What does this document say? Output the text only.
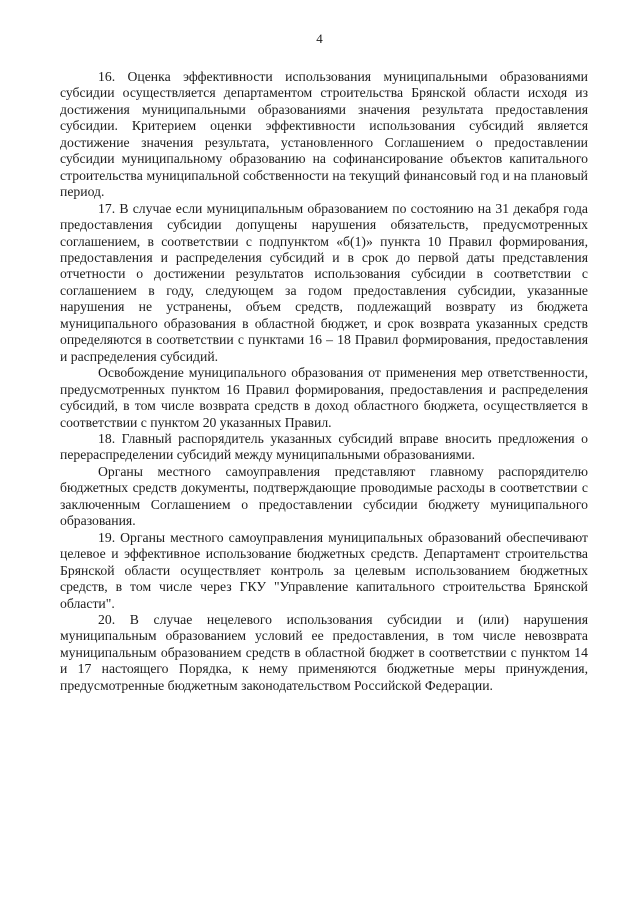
4

16. Оценка эффективности использования муниципальными образованиями субсидии осуществляется департаментом строительства Брянской области исходя из достижения муниципальными образованиями значения результата предоставления субсидии. Критерием оценки эффективности использования субсидий является достижение значения результата, установленного Соглашением о предоставлении субсидии муниципальному образованию на софинансирование объектов капитального строительства муниципальной собственности на текущий финансовый год и на плановый период.

17. В случае если муниципальным образованием по состоянию на 31 декабря года предоставления субсидии допущены нарушения обязательств, предусмотренных соглашением, в соответствии с подпунктом «б(1)» пункта 10 Правил формирования, предоставления и распределения субсидий и в срок до первой даты представления отчетности о достижении результатов использования субсидии в соответствии с соглашением в году, следующем за годом предоставления субсидии, указанные нарушения не устранены, объем средств, подлежащий возврату из бюджета муниципального образования в областной бюджет, и срок возврата указанных средств определяются в соответствии с пунктами 16 – 18 Правил формирования, предоставления и распределения субсидий.

Освобождение муниципального образования от применения мер ответственности, предусмотренных пунктом 16 Правил формирования, предоставления и распределения субсидий, в том числе возврата средств в доход областного бюджета, осуществляется в соответствии с пунктом 20 указанных Правил.

18. Главный распорядитель указанных субсидий вправе вносить предложения о перераспределении субсидий между муниципальными образованиями.

Органы местного самоуправления представляют главному распорядителю бюджетных средств документы, подтверждающие проводимые расходы в соответствии с заключенным Соглашением о предоставлении субсидии бюджету муниципального образования.

19. Органы местного самоуправления муниципальных образований обеспечивают целевое и эффективное использование бюджетных средств. Департамент строительства Брянской области осуществляет контроль за целевым использованием бюджетных средств, в том числе через ГКУ "Управление капитального строительства Брянской области".

20. В случае нецелевого использования субсидии и (или) нарушения муниципальным образованием условий ее предоставления, в том числе невозврата муниципальным образованием средств в областной бюджет в соответствии с пунктом 14 и 17 настоящего Порядка, к нему применяются бюджетные меры принуждения, предусмотренные бюджетным законодательством Российской Федерации.
